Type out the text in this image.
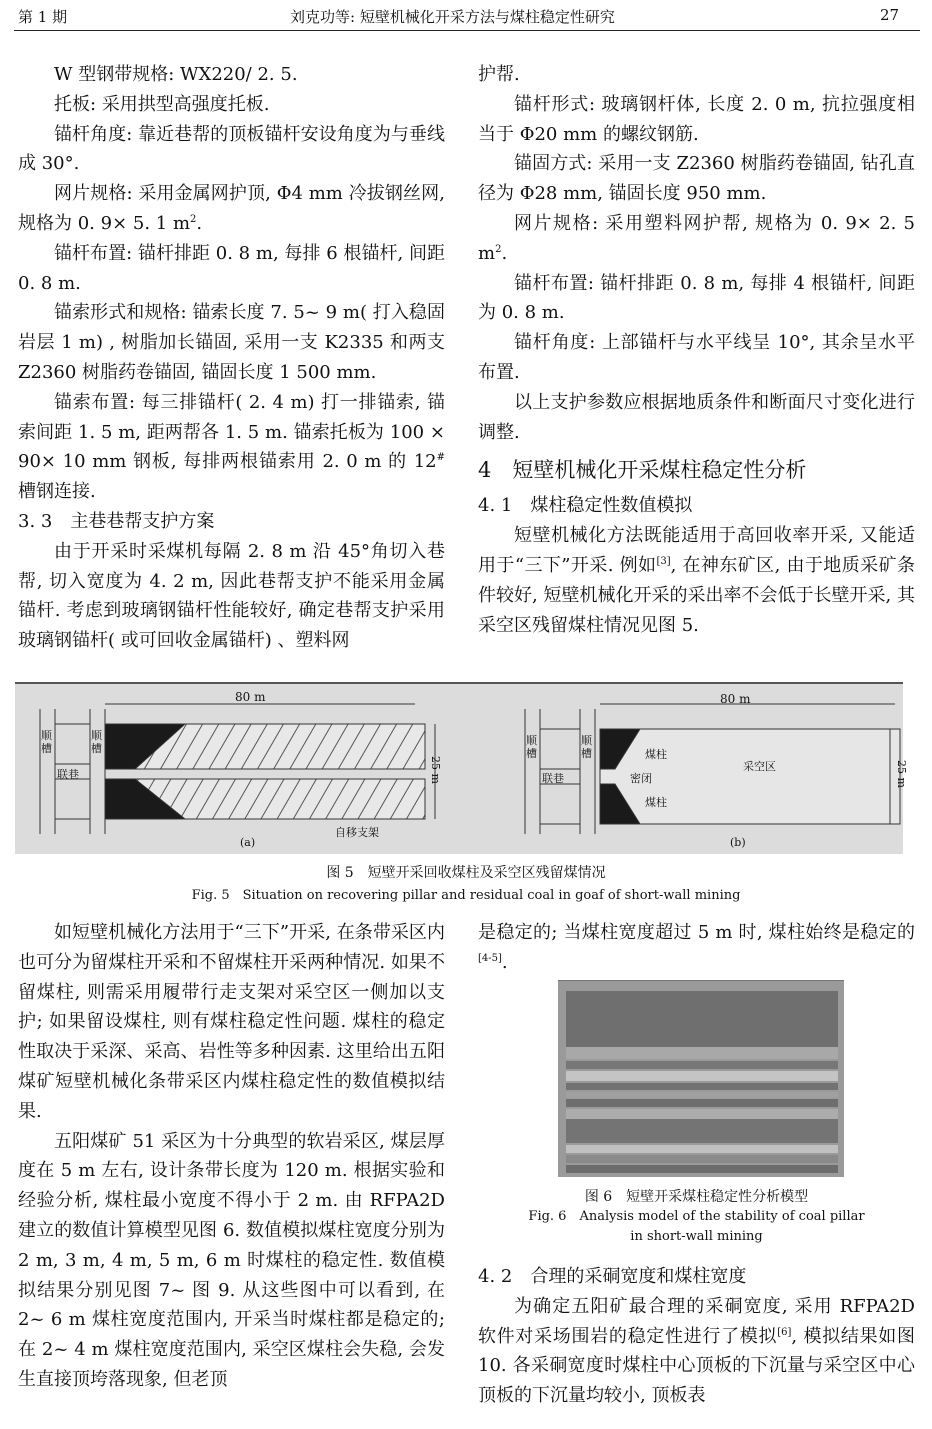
第 1 期	刘克功等: 短壁机械化开采方法与煤柱稳定性研究	27

W 型钢带规格: WX220/ 2. 5.

托板: 采用拱型高强度托板.

锚杆角度: 靠近巷帮的顶板锚杆安设角度为与垂线成 30°.

网片规格: 采用金属网护顶, Φ4 mm 冷拔钢丝网, 规格为 0. 9× 5. 1 $m^2$.

锚杆布置: 锚杆排距 0. 8 m, 每排 6 根锚杆, 间距 0. 8 m.

锚索形式和规格: 锚索长度 7. 5~ 9 m( 打入稳固岩层 1 m) , 树脂加长锚固, 采用一支 K2335 和两支 Z2360 树脂药卷锚固, 锚固长度 1 500 mm.

锚索布置: 每三排锚杆( 2. 4 m) 打一排锚索, 锚索间距 1. 5 m, 距两帮各 1. 5 m. 锚索托板为 100 × 90× 10 mm 钢板, 每排两根锚索用 2. 0 m 的 12#槽钢连接.

3. 3　主巷巷帮支护方案

由于开采时采煤机每隔 2. 8 m 沿 45°角切入巷帮, 切入宽度为 4. 2 m, 因此巷帮支护不能采用金属锚杆. 考虑到玻璃钢锚杆性能较好, 确定巷帮支护采用玻璃钢锚杆( 或可回收金属锚杆) 、塑料网

护帮.

锚杆形式: 玻璃钢杆体, 长度 2. 0 m, 抗拉强度相当于 Φ20 mm 的螺纹钢筋.

锚固方式: 采用一支 Z2360 树脂药卷锚固, 钻孔直径为 Φ28 mm, 锚固长度 950 mm.

网片规格: 采用塑料网护帮, 规格为 0. 9× 2. 5 $m^2$.

锚杆布置: 锚杆排距 0. 8 m, 每排 4 根锚杆, 间距为 0. 8 m.

锚杆角度: 上部锚杆与水平线呈 10°, 其余呈水平布置.

以上支护参数应根据地质条件和断面尺寸变化进行调整.

4　短壁机械化开采煤柱稳定性分析
4. 1　煤柱稳定性数值模拟

短壁机械化方法既能适用于高回收率开采, 又能适用于“三下”开采. 例如[3], 在神东矿区, 由于地质采矿条件较好, 短壁机械化开采的采出率不会低于长壁开采, 其采空区残留煤柱情况见图 5.

80 m
顺槽
顺槽
联巷	25 m
自移支架
(a)
80 m
顺槽
顺槽
联巷
煤柱
密闭
煤柱
采空区	25 m
(b)
图 5　短壁开采回收煤柱及采空区残留煤情况
Fig. 5　Situation on recovering pillar and residual coal in goaf of short-wall mining

如短壁机械化方法用于“三下”开采, 在条带采区内也可分为留煤柱开采和不留煤柱开采两种情况. 如果不留煤柱, 则需采用履带行走支架对采空区一侧加以支护; 如果留设煤柱, 则有煤柱稳定性问题. 煤柱的稳定性取决于采深、采高、岩性等多种因素. 这里给出五阳煤矿短壁机械化条带采区内煤柱稳定性的数值模拟结果.

五阳煤矿 51 采区为十分典型的软岩采区, 煤层厚度在 5 m 左右, 设计条带长度为 120 m. 根据实验和经验分析, 煤柱最小宽度不得小于 2 m. 由 RFPA2D 建立的数值计算模型见图 6. 数值模拟煤柱宽度分别为 2 m, 3 m, 4 m, 5 m, 6 m 时煤柱的稳定性. 数值模拟结果分别见图 7~ 图 9. 从这些图中可以看到, 在 2~ 6 m 煤柱宽度范围内, 开采当时煤柱都是稳定的; 在 2~ 4 m 煤柱宽度范围内, 采空区煤柱会失稳, 会发生直接顶垮落现象, 但老顶

是稳定的; 当煤柱宽度超过 5 m 时, 煤柱始终是稳定的[4-5].

图 6　短壁开采煤柱稳定性分析模型
Fig. 6　Analysis model of the stability of coal pillar
in short-wall mining
4. 2　合理的采硐宽度和煤柱宽度

为确定五阳矿最合理的采硐宽度, 采用 RFPA2D 软件对采场围岩的稳定性进行了模拟[6], 模拟结果如图 10. 各采硐宽度时煤柱中心顶板的下沉量与采空区中心顶板的下沉量均较小, 顶板表
